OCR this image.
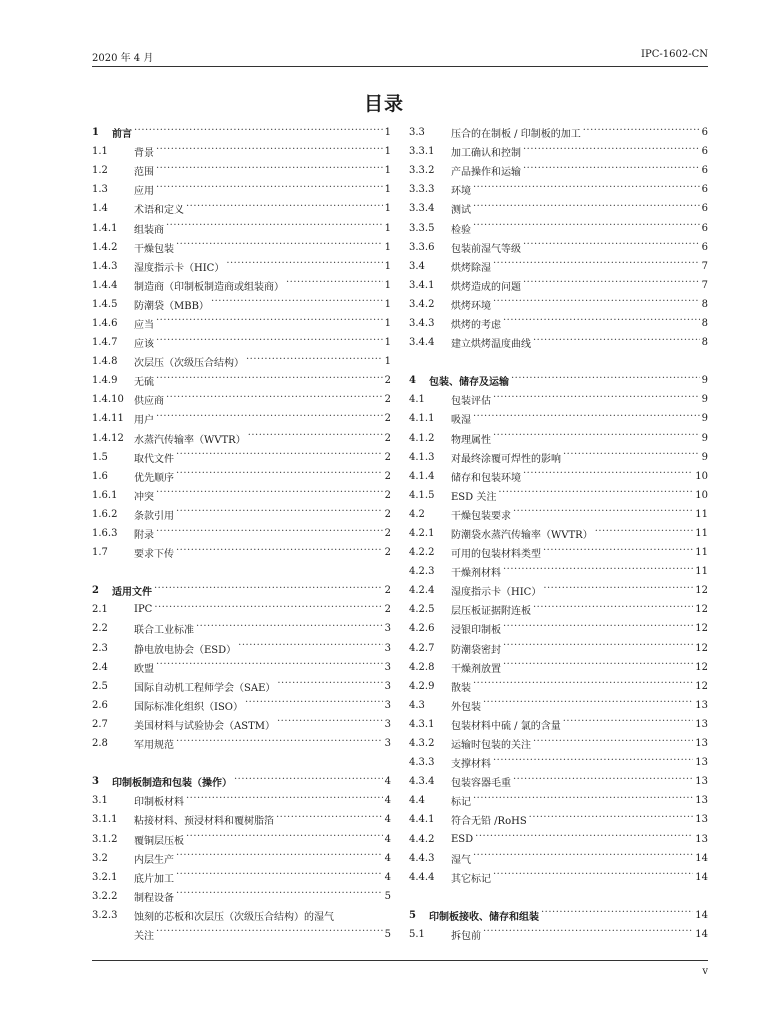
2020 年 4 月	IPC-1602-CN
目录
1	前言 ·····	1
1.1	背景 ·····	1
1.2	范围 ·····	1
1.3	应用 ·····	1
1.4	术语和定义 ·····	1
1.4.1	组装商 ·····	1
1.4.2	干燥包装 ·····	1
1.4.3	湿度指示卡（HIC） ·····	1
1.4.4	制造商（印制板制造商或组装商） ·····	1
1.4.5	防潮袋（MBB） ·····	1
1.4.6	应当 ·····	1
1.4.7	应该 ·····	1
1.4.8	次层压（次级压合结构） ·····	1
1.4.9	无硫 ·····	2
1.4.10	供应商 ·····	2
1.4.11	用户 ·····	2
1.4.12	水蒸汽传输率（WVTR） ·····	2
1.5	取代文件 ·····	2
1.6	优先顺序 ·····	2
1.6.1	冲突 ·····	2
1.6.2	条款引用 ·····	2
1.6.3	附录 ·····	2
1.7	要求下传 ·····	2
2	适用文件 ·····	2
2.1	IPC ·····	2
2.2	联合工业标准 ·····	3
2.3	静电放电协会（ESD） ·····	3
2.4	欧盟 ·····	3
2.5	国际自动机工程师学会（SAE） ·····	3
2.6	国际标准化组织（ISO） ·····	3
2.7	美国材料与试验协会（ASTM） ·····	3
2.8	军用规范 ·····	3
3	印制板制造和包装（操作） ·····	4
3.1	印制板材料 ·····	4
3.1.1	粘接材料、预浸材料和覆树脂箔 ·····	4
3.1.2	覆铜层压板 ·····	4
3.2	内层生产 ·····	4
3.2.1	底片加工 ·····	4
3.2.2	制程设备 ·····	5
3.2.3	蚀刻的芯板和次层压（次级压合结构）的湿气
关注 ·····	5
3.3	压合的在制板 / 印制板的加工 ·····	6
3.3.1	加工确认和控制 ·····	6
3.3.2	产品操作和运输 ·····	6
3.3.3	环境 ·····	6
3.3.4	测试 ·····	6
3.3.5	检验 ·····	6
3.3.6	包装前湿气等级 ·····	6
3.4	烘烤除湿 ·····	7
3.4.1	烘烤造成的问题 ·····	7
3.4.2	烘烤环境 ·····	8
3.4.3	烘烤的考虑 ·····	8
3.4.4	建立烘烤温度曲线 ·····	8
4	包装、储存及运输 ·····	9
4.1	包装评估 ·····	9
4.1.1	吸湿 ·····	9
4.1.2	物理属性 ·····	9
4.1.3	对最终涂覆可焊性的影响 ·····	9
4.1.4	储存和包装环境 ·····	10
4.1.5	ESD 关注 ·····	10
4.2	干燥包装要求 ·····	11
4.2.1	防潮袋水蒸汽传输率（WVTR） ·····	11
4.2.2	可用的包装材料类型 ·····	11
4.2.3	干燥剂材料 ·····	11
4.2.4	湿度指示卡（HIC） ·····	12
4.2.5	层压板证据附连板 ·····	12
4.2.6	浸银印制板 ·····	12
4.2.7	防潮袋密封 ·····	12
4.2.8	干燥剂放置 ·····	12
4.2.9	散装 ·····	12
4.3	外包装 ·····	13
4.3.1	包装材料中硫 / 氯的含量 ·····	13
4.3.2	运输时包装的关注 ·····	13
4.3.3	支撑材料 ·····	13
4.3.4	包装容器毛重 ·····	13
4.4	标记 ·····	13
4.4.1	符合无铅 /RoHS ·····	13
4.4.2	ESD ·····	13
4.4.3	湿气 ·····	14
4.4.4	其它标记 ·····	14
5	印制板接收、储存和组装 ·····	14
5.1	拆包前 ·····	14
v
